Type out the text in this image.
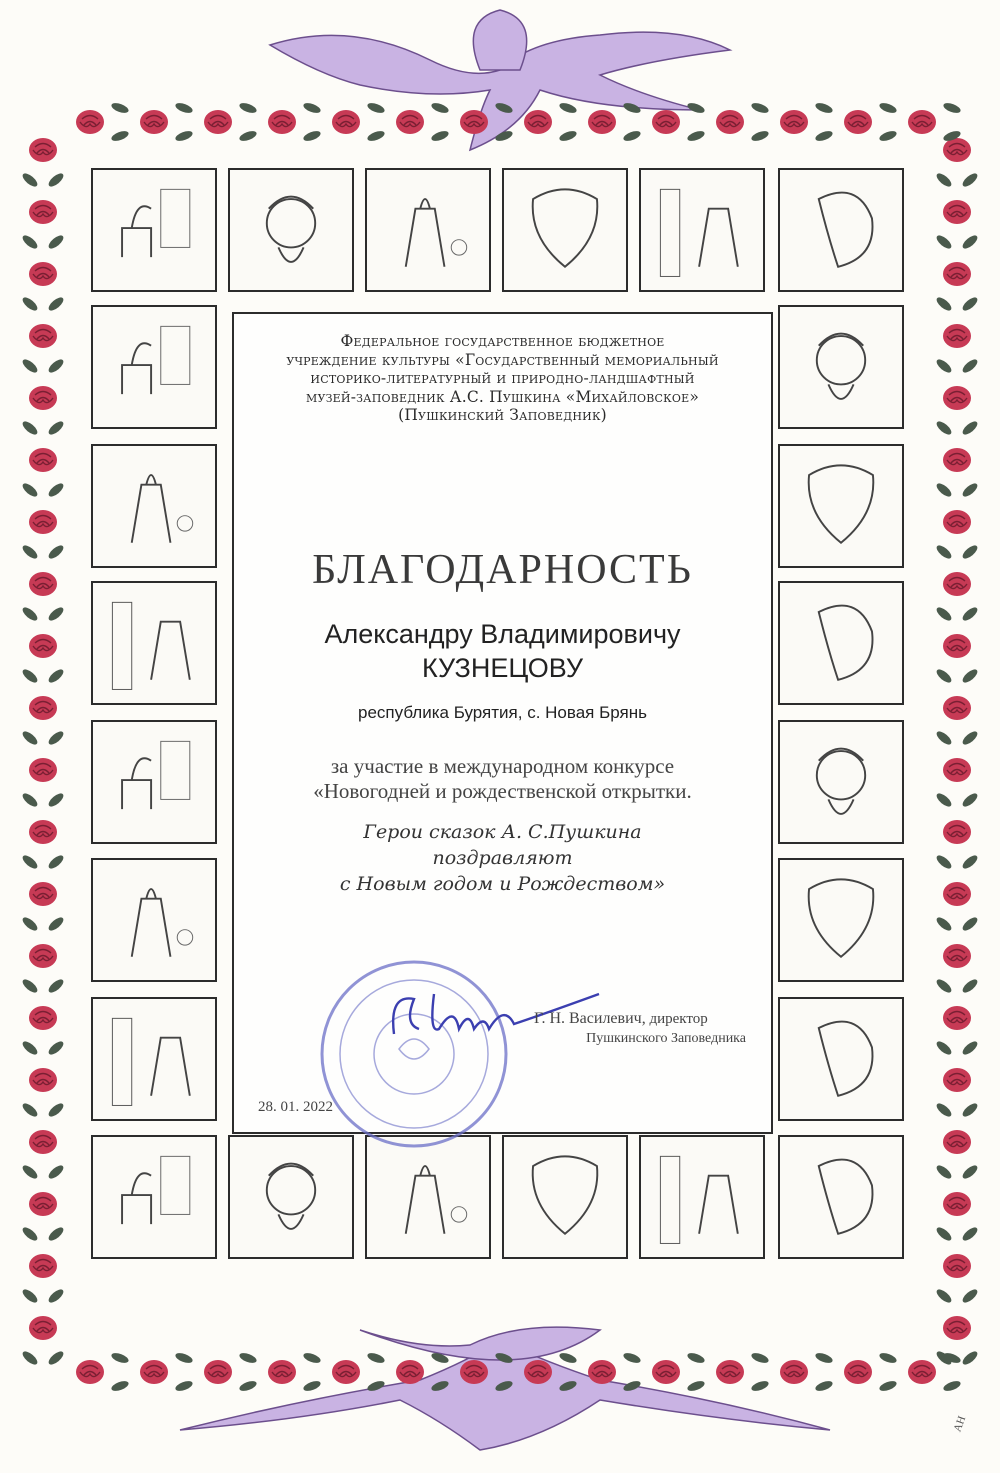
Федеральное государственное бюджетное
учреждение культуры «Государственный мемориальный
историко-литературный и природно-ландшафтный
музей-заповедник А.С. Пушкина «Михайловское»
(Пушкинский Заповедник)
БЛАГОДАРНОСТЬ
Александру Владимировичу
КУЗНЕЦОВУ
республика Бурятия, с. Новая Брянь
за участие в международном конкурсе
«Новогодней и рождественской открытки.
Герои сказок А. С.Пушкина
поздравляют
с Новым годом и Рождеством»
Г. Н. Василевич, директор
Пушкинского Заповедника
28. 01. 2022
АН
